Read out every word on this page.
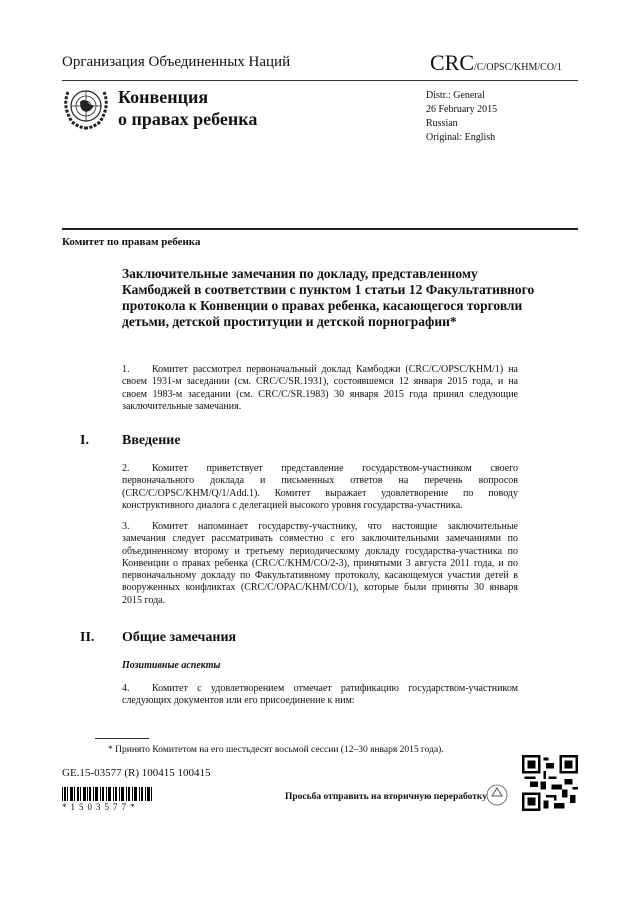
Организация Объединенных Наций	CRC/C/OPSC/KHM/CO/1
Конвенция
о правах ребенка
Distr.: General
26 February 2015
Russian
Original: English
Комитет по правам ребенка
Заключительные замечания по докладу, представленному Камбоджей в соответствии с пунктом 1 статьи 12 Факультативного протокола к Конвенции о правах ребенка, касающегося торговли детьми, детской проституции и детской порнографии*
1. Комитет рассмотрел первоначальный доклад Камбоджи (CRC/C/OPSC/KHM/1) на своем 1931-м заседании (см. CRC/C/SR.1931), состоявшемся 12 января 2015 года, и на своем 1983-м заседании (см. CRC/C/SR.1983) 30 января 2015 года принял следующие заключительные замечания.
I. Введение
2. Комитет приветствует представление государством-участником своего первоначального доклада и письменных ответов на перечень вопросов (CRC/C/OPSC/KHM/Q/1/Add.1). Комитет выражает удовлетворение по поводу конструктивного диалога с делегацией высокого уровня государства-участника.
3. Комитет напоминает государству-участнику, что настоящие заключительные замечания следует рассматривать совместно с его заключительными замечаниями по объединенному второму и третьему периодическому докладу государства-участника по Конвенции о правах ребенка (CRC/C/KHM/CO/2-3), принятыми 3 августа 2011 года, и по первоначальному докладу по Факультативному протоколу, касающемуся участия детей в вооруженных конфликтах (CRC/C/OPAC/KHM/CO/1), которые были приняты 30 января 2015 года.
II. Общие замечания
Позитивные аспекты
4. Комитет с удовлетворением отмечает ратификацию государством-участником следующих документов или его присоединение к ним:
* Принято Комитетом на его шестьдесят восьмой сессии (12–30 января 2015 года).
GE.15-03577 (R) 100415 100415
*1503577*
Просьба отправить на вторичную переработку
